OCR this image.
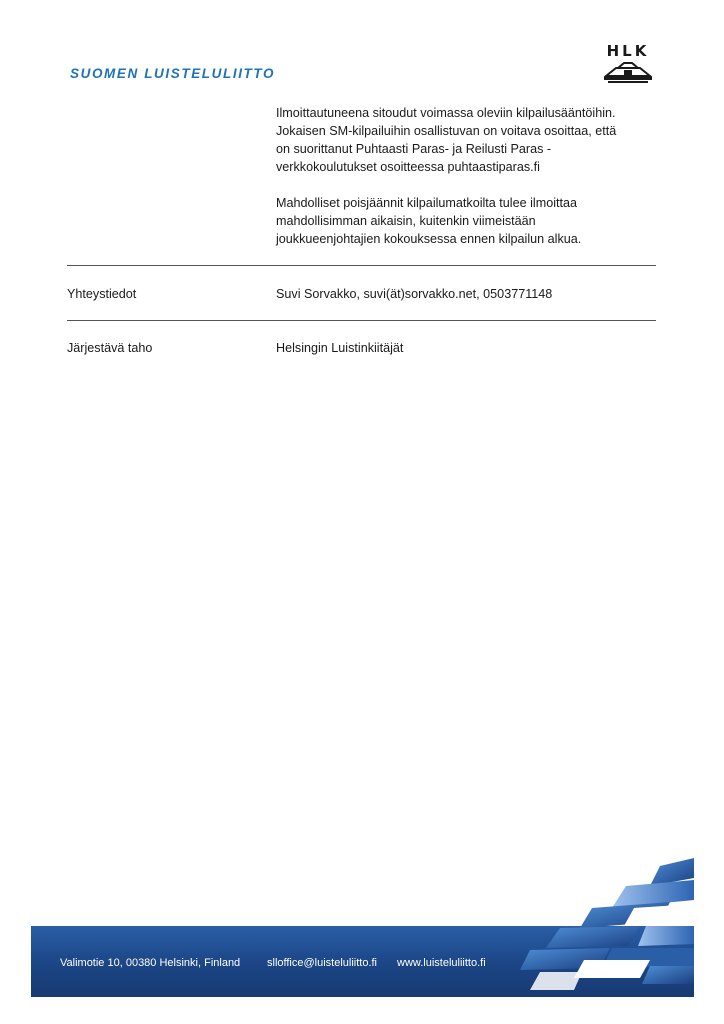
SUOMEN LUISTELULIITTO
HLK

Ilmoittautuneena sitoudut voimassa oleviin kilpailusääntöihin.
Jokaisen SM-kilpailuihin osallistuvan on voitava osoittaa, että
on suorittanut Puhtaasti Paras- ja Reilusti Paras -
verkkokoulutukset osoitteessa puhtaastiparas.fi

Mahdolliset poisjäännit kilpailumatkoilta tulee ilmoittaa
mahdollisimman aikaisin, kuitenkin viimeistään
joukkueenjohtajien kokouksessa ennen kilpailun alkua.

Yhteystiedot	Suvi Sorvakko, suvi(ät)sorvakko.net, 0503771148
Järjestävä taho	Helsingin Luistinkiitäjät
Valimotie 10, 00380 Helsinki, Finland slloffice@luisteluliitto.fi www.luisteluliitto.fi
